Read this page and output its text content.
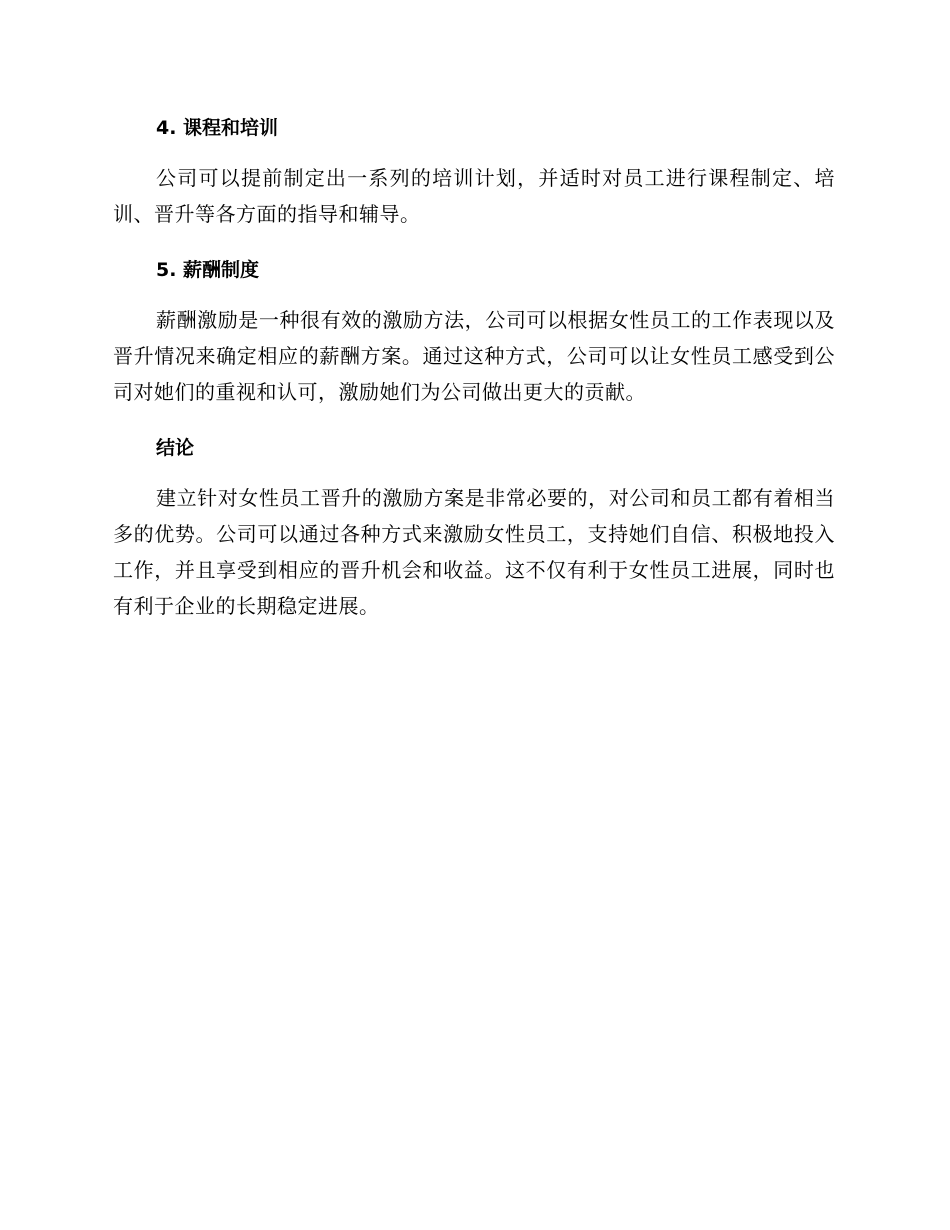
4. 课程和培训

公司可以提前制定出一系列的培训计划，并适时对员工进行课程制定、培训、晋升等各方面的指导和辅导。

5. 薪酬制度

薪酬激励是一种很有效的激励方法，公司可以根据女性员工的工作表现以及晋升情况来确定相应的薪酬方案。通过这种方式，公司可以让女性员工感受到公司对她们的重视和认可，激励她们为公司做出更大的贡献。

结论

建立针对女性员工晋升的激励方案是非常必要的，对公司和员工都有着相当多的优势。公司可以通过各种方式来激励女性员工，支持她们自信、积极地投入工作，并且享受到相应的晋升机会和收益。这不仅有利于女性员工进展，同时也有利于企业的长期稳定进展。
